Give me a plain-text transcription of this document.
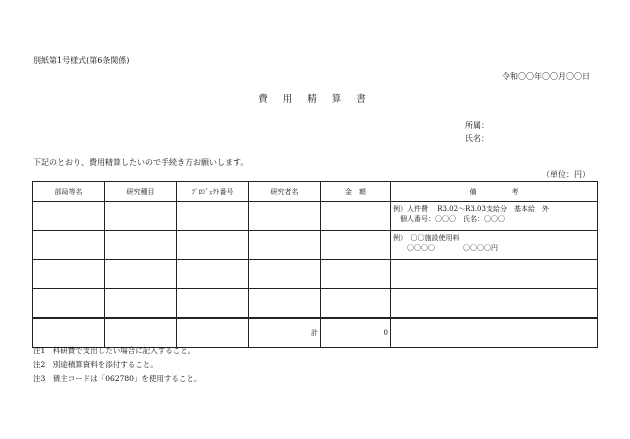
別紙第1号様式(第6条関係)
令和〇〇年〇〇月〇〇日
費 用 精 算 書
所属：
氏名：
下記のとおり、費用精算したいので手続き方お願いします。
（単位：円）
部局等名	研究種目	ﾌﾟﾛｼﾞｪｸﾄ番号	研究者名	金　額	備　　　　　考

					例）人件費　 R3.02～R3.03支給分　基本給　外
　個人番号：〇〇〇　氏名：〇〇〇

					例）　〇〇施設使用料
　　〇〇〇〇　　　　〇〇〇〇円

			計	0	
注1　科研費で支出したい場合に記入すること。
注2　別途積算資料を添付すること。
注3　債主コードは「062780」を使用すること。
